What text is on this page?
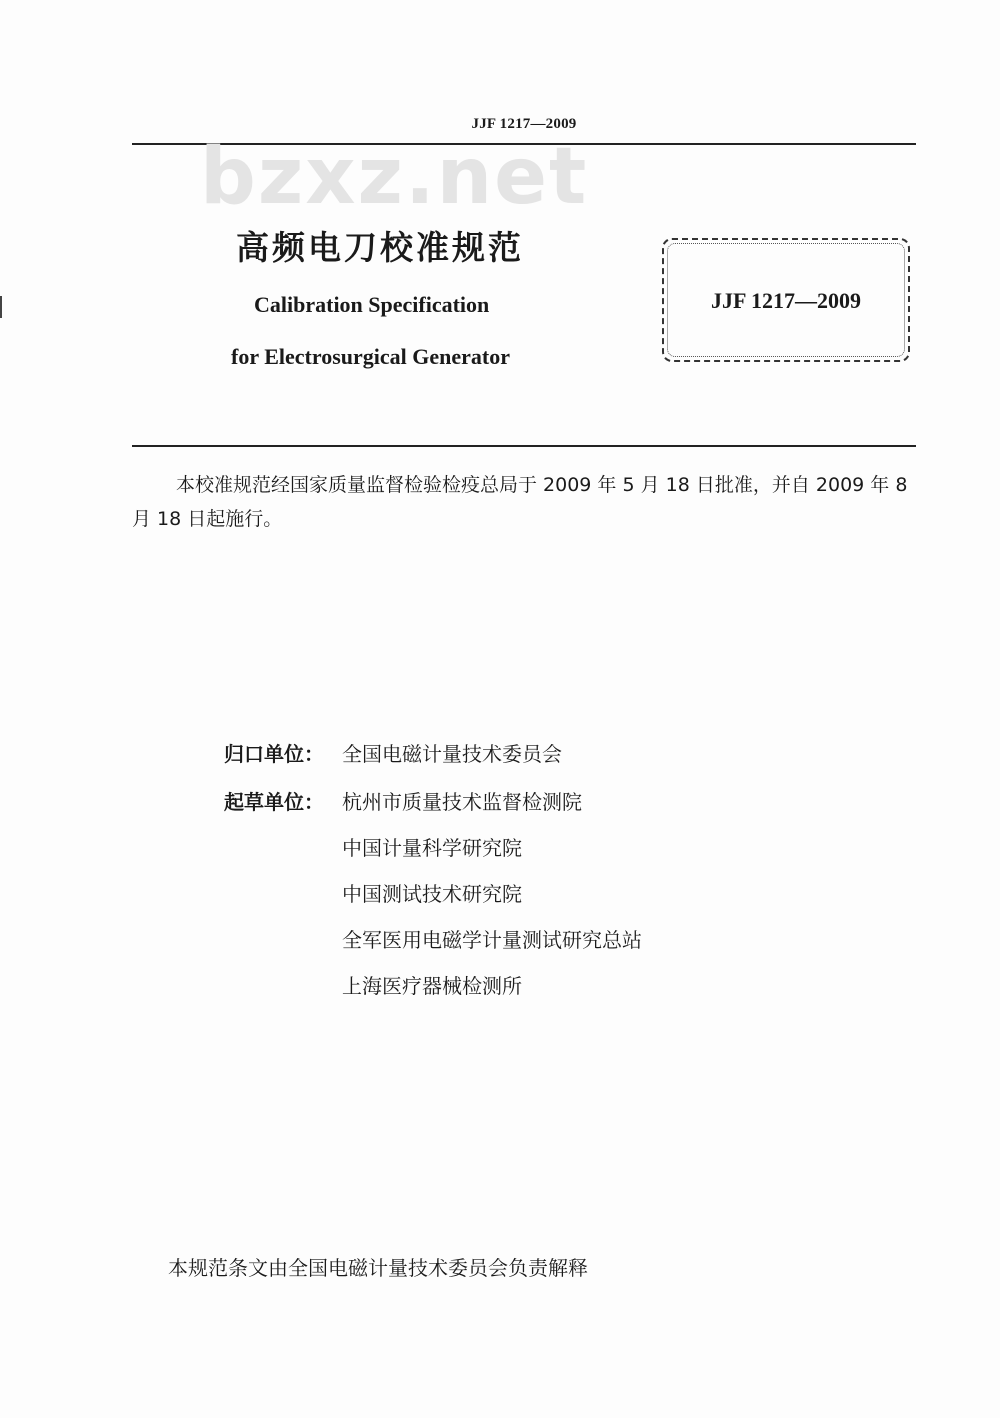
JJF 1217—2009
bzxz.net
高频电刀校准规范
Calibration Specification
for Electrosurgical Generator
JJF 1217—2009
本校准规范经国家质量监督检验检疫总局于 2009 年 5 月 18 日批准，并自 2009 年 8 月 18 日起施行。
归口单位： 全国电磁计量技术委员会
起草单位： 杭州市质量技术监督检测院
中国计量科学研究院
中国测试技术研究院
全军医用电磁学计量测试研究总站
上海医疗器械检测所
本规范条文由全国电磁计量技术委员会负责解释
